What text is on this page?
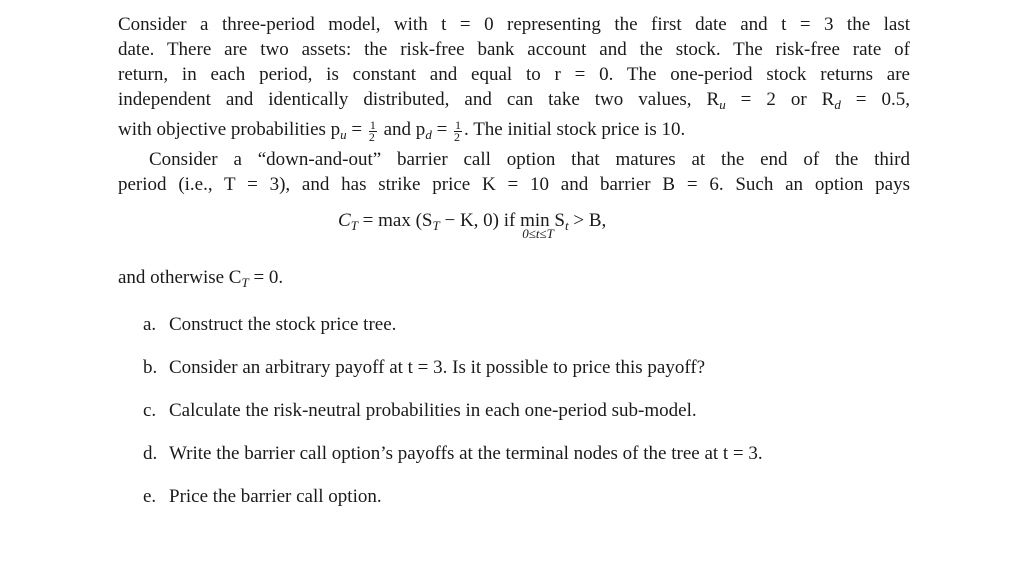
Consider a three-period model, with t = 0 representing the first date and t = 3 the last
date. There are two assets: the risk-free bank account and the stock. The risk-free rate of
return, in each period, is constant and equal to r = 0. The one-period stock returns are
independent and identically distributed, and can take two values, $R_u = 2$ or $R_d = 0.5$,
with objective probabilities $p_u = \frac{1}{2}$ and $p_d = \frac{1}{2}$ . The initial stock price is 10.

Consider a “down-and-out” barrier call option that matures at the end of the third
period (i.e., T = 3), and has strike price K = 10 and barrier B = 6. Such an option pays

$C_T = \max (S_T - K$, 0) if min
0≤t≤T
$S_t > B$,
and otherwise $C_T = 0$.
a. Construct the stock price tree.
b. Consider an arbitrary payoff at t = 3. Is it possible to price this payoff?
c. Calculate the risk-neutral probabilities in each one-period sub-model.
d. Write the barrier call option’s payoffs at the terminal nodes of the tree at t = 3.
e. Price the barrier call option.
